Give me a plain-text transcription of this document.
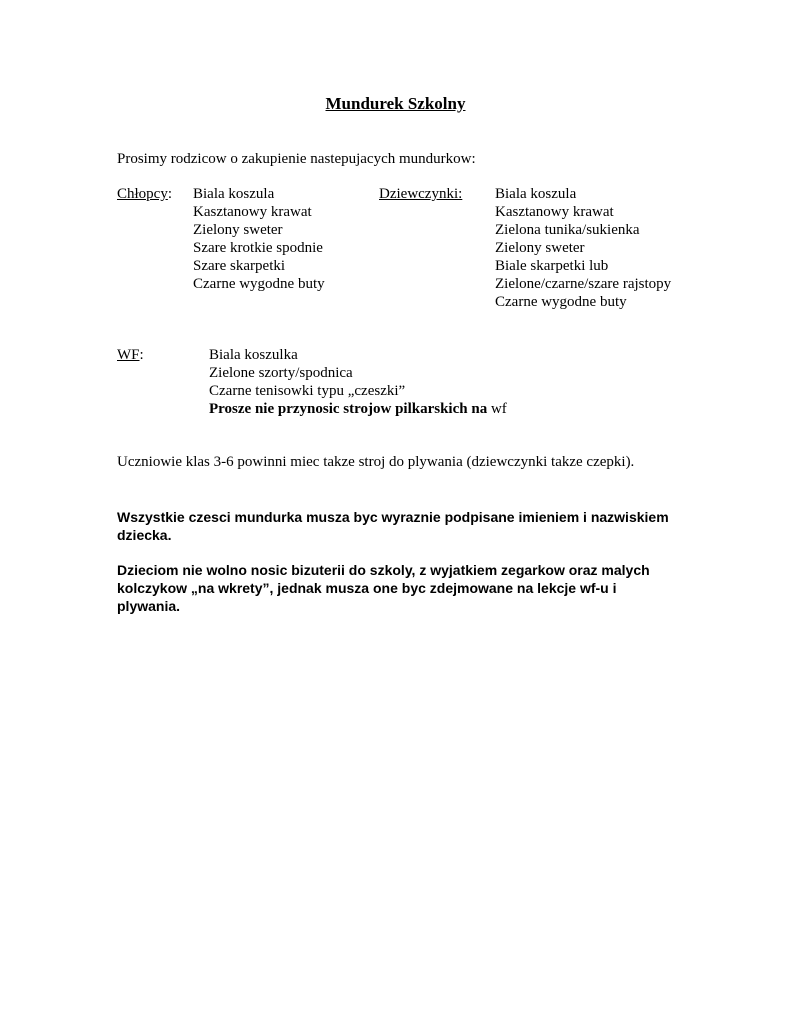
Mundurek Szkolny
Prosimy rodzicow o zakupienie nastepujacych mundurkow:
Chłopcy: Biala koszula
Kasztanowy krawat
Zielony sweter
Szare krotkie spodnie
Szare skarpetki
Czarne wygodne buty
Dziewczynki: Biala koszula
Kasztanowy krawat
Zielona tunika/sukienka
Zielony sweter
Biale skarpetki lub
Zielone/czarne/szare rajstopy
Czarne wygodne buty
WF:	Biala koszulka
Zielone szorty/spodnica
Czarne tenisowki typu „czeszki”
Prosze nie przynosic strojow pilkarskich na wf
Uczniowie klas 3-6 powinni miec takze stroj do plywania (dziewczynki takze czepki).
Wszystkie czesci mundurka musza byc wyraznie podpisane imieniem i nazwiskiem dziecka.
Dzieciom nie wolno nosic bizuterii do szkoly, z wyjatkiem zegarkow oraz malych kolczykow „na wkrety”, jednak musza one byc zdejmowane na lekcje wf-u i plywania.
